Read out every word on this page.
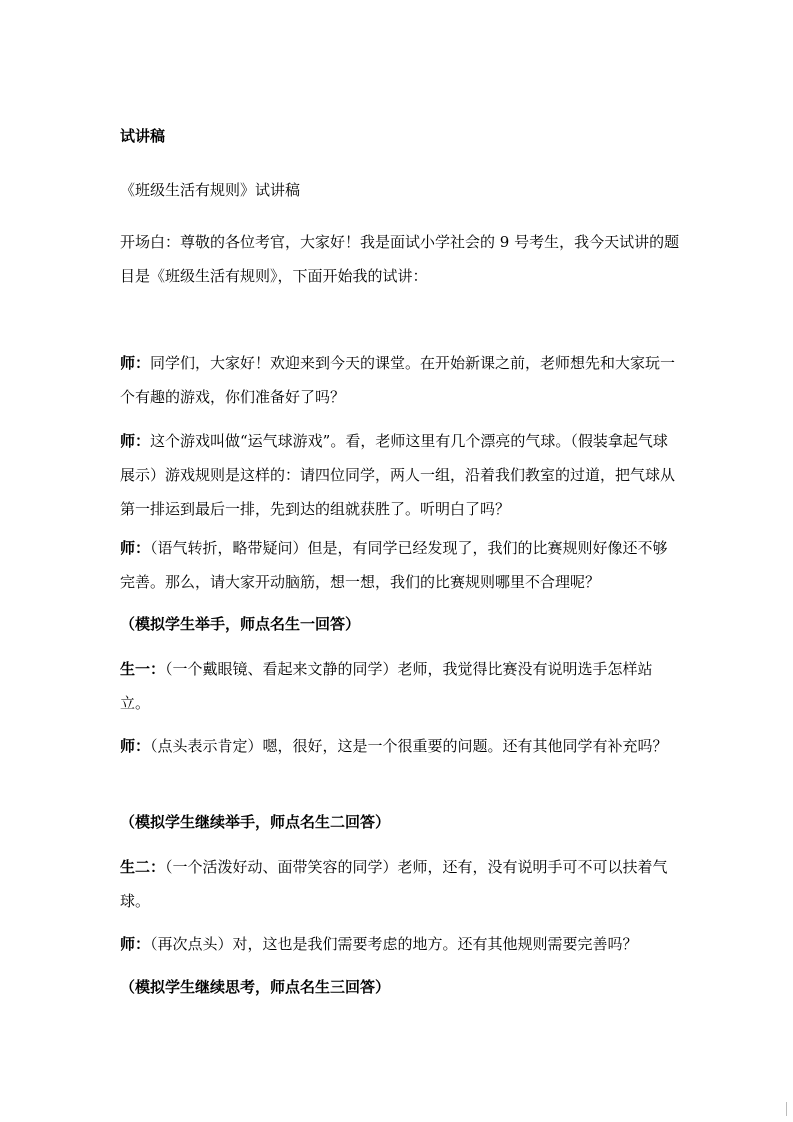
试讲稿
《班级生活有规则》试讲稿
开场白：尊敬的各位考官，大家好！我是面试小学社会的 9 号考生，我今天试讲的题目是《班级生活有规则》，下面开始我的试讲：
师：同学们，大家好！欢迎来到今天的课堂。在开始新课之前，老师想先和大家玩一个有趣的游戏，你们准备好了吗？
师：这个游戏叫做“运气球游戏”。看，老师这里有几个漂亮的气球。（假装拿起气球展示）游戏规则是这样的：请四位同学，两人一组，沿着我们教室的过道，把气球从第一排运到最后一排，先到达的组就获胜了。听明白了吗？
师：（语气转折，略带疑问）但是，有同学已经发现了，我们的比赛规则好像还不够完善。那么，请大家开动脑筋，想一想，我们的比赛规则哪里不合理呢？
（模拟学生举手，师点名生一回答）
生一：（一个戴眼镜、看起来文静的同学）老师，我觉得比赛没有说明选手怎样站立。
师：（点头表示肯定）嗯，很好，这是一个很重要的问题。还有其他同学有补充吗？
（模拟学生继续举手，师点名生二回答）
生二：（一个活泼好动、面带笑容的同学）老师，还有，没有说明手可不可以扶着气球。
师：（再次点头）对，这也是我们需要考虑的地方。还有其他规则需要完善吗？
（模拟学生继续思考，师点名生三回答）
